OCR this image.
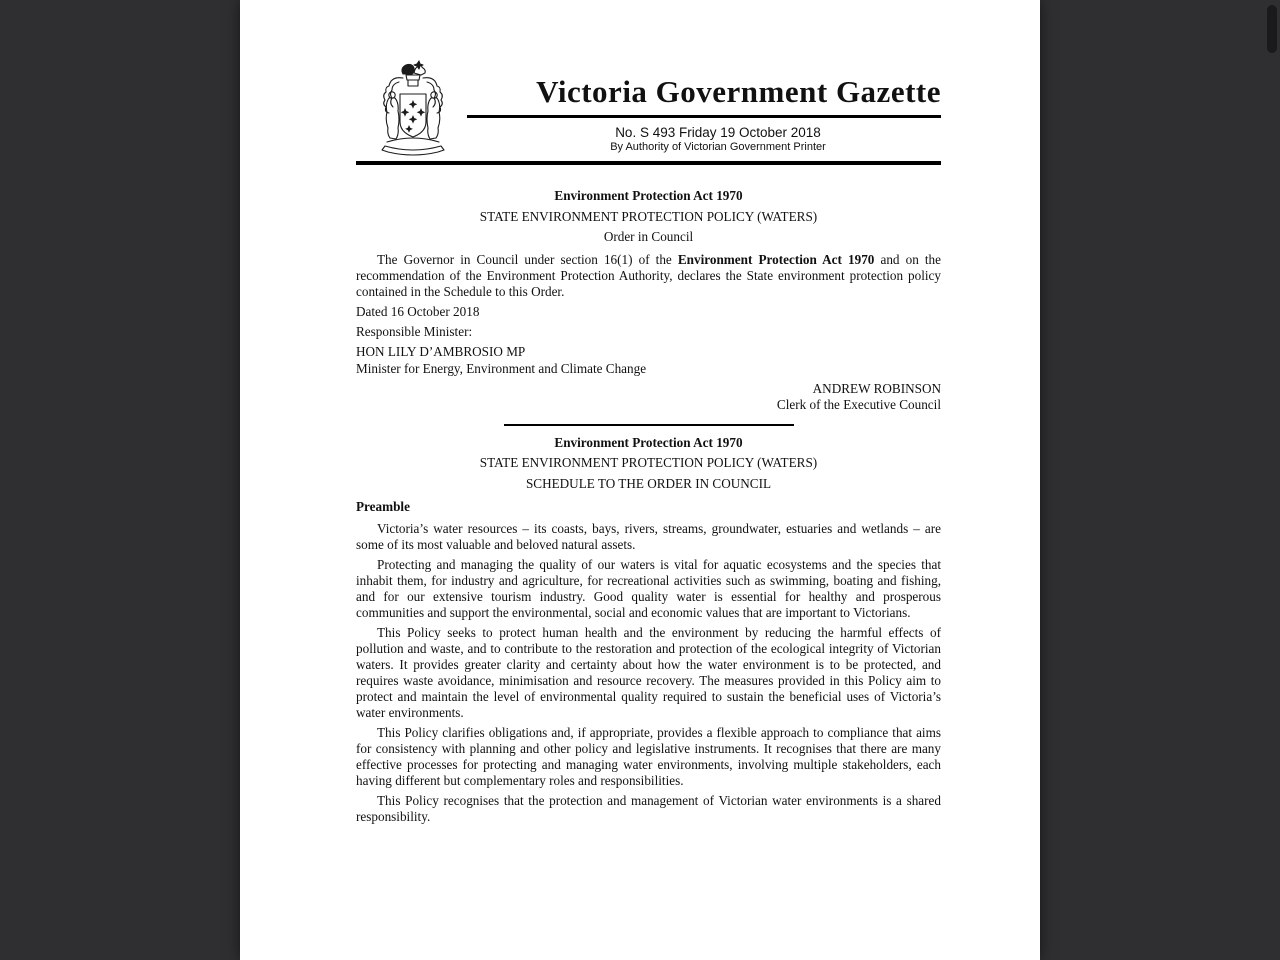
Victoria Government Gazette
No. S 493 Friday 19 October 2018
By Authority of Victorian Government Printer
Environment Protection Act 1970
STATE ENVIRONMENT PROTECTION POLICY (WATERS)
Order in Council

The Governor in Council under section 16(1) of the Environment Protection Act 1970 and on the recommendation of the Environment Protection Authority, declares the State environment protection policy contained in the Schedule to this Order.

Dated 16 October 2018

Responsible Minister:

HON LILY D’AMBROSIO MP

Minister for Energy, Environment and Climate Change

ANDREW ROBINSON
Clerk of the Executive Council
Environment Protection Act 1970
STATE ENVIRONMENT PROTECTION POLICY (WATERS)
SCHEDULE TO THE ORDER IN COUNCIL
Preamble

Victoria’s water resources – its coasts, bays, rivers, streams, groundwater, estuaries and wetlands – are some of its most valuable and beloved natural assets.

Protecting and managing the quality of our waters is vital for aquatic ecosystems and the species that inhabit them, for industry and agriculture, for recreational activities such as swimming, boating and fishing, and for our extensive tourism industry. Good quality water is essential for healthy and prosperous communities and support the environmental, social and economic values that are important to Victorians.

This Policy seeks to protect human health and the environment by reducing the harmful effects of pollution and waste, and to contribute to the restoration and protection of the ecological integrity of Victorian waters. It provides greater clarity and certainty about how the water environment is to be protected, and requires waste avoidance, minimisation and resource recovery. The measures provided in this Policy aim to protect and maintain the level of environmental quality required to sustain the beneficial uses of Victoria’s water environments.

This Policy clarifies obligations and, if appropriate, provides a flexible approach to compliance that aims for consistency with planning and other policy and legislative instruments. It recognises that there are many effective processes for protecting and managing water environments, involving multiple stakeholders, each having different but complementary roles and responsibilities.

This Policy recognises that the protection and management of Victorian water environments is a shared responsibility.
